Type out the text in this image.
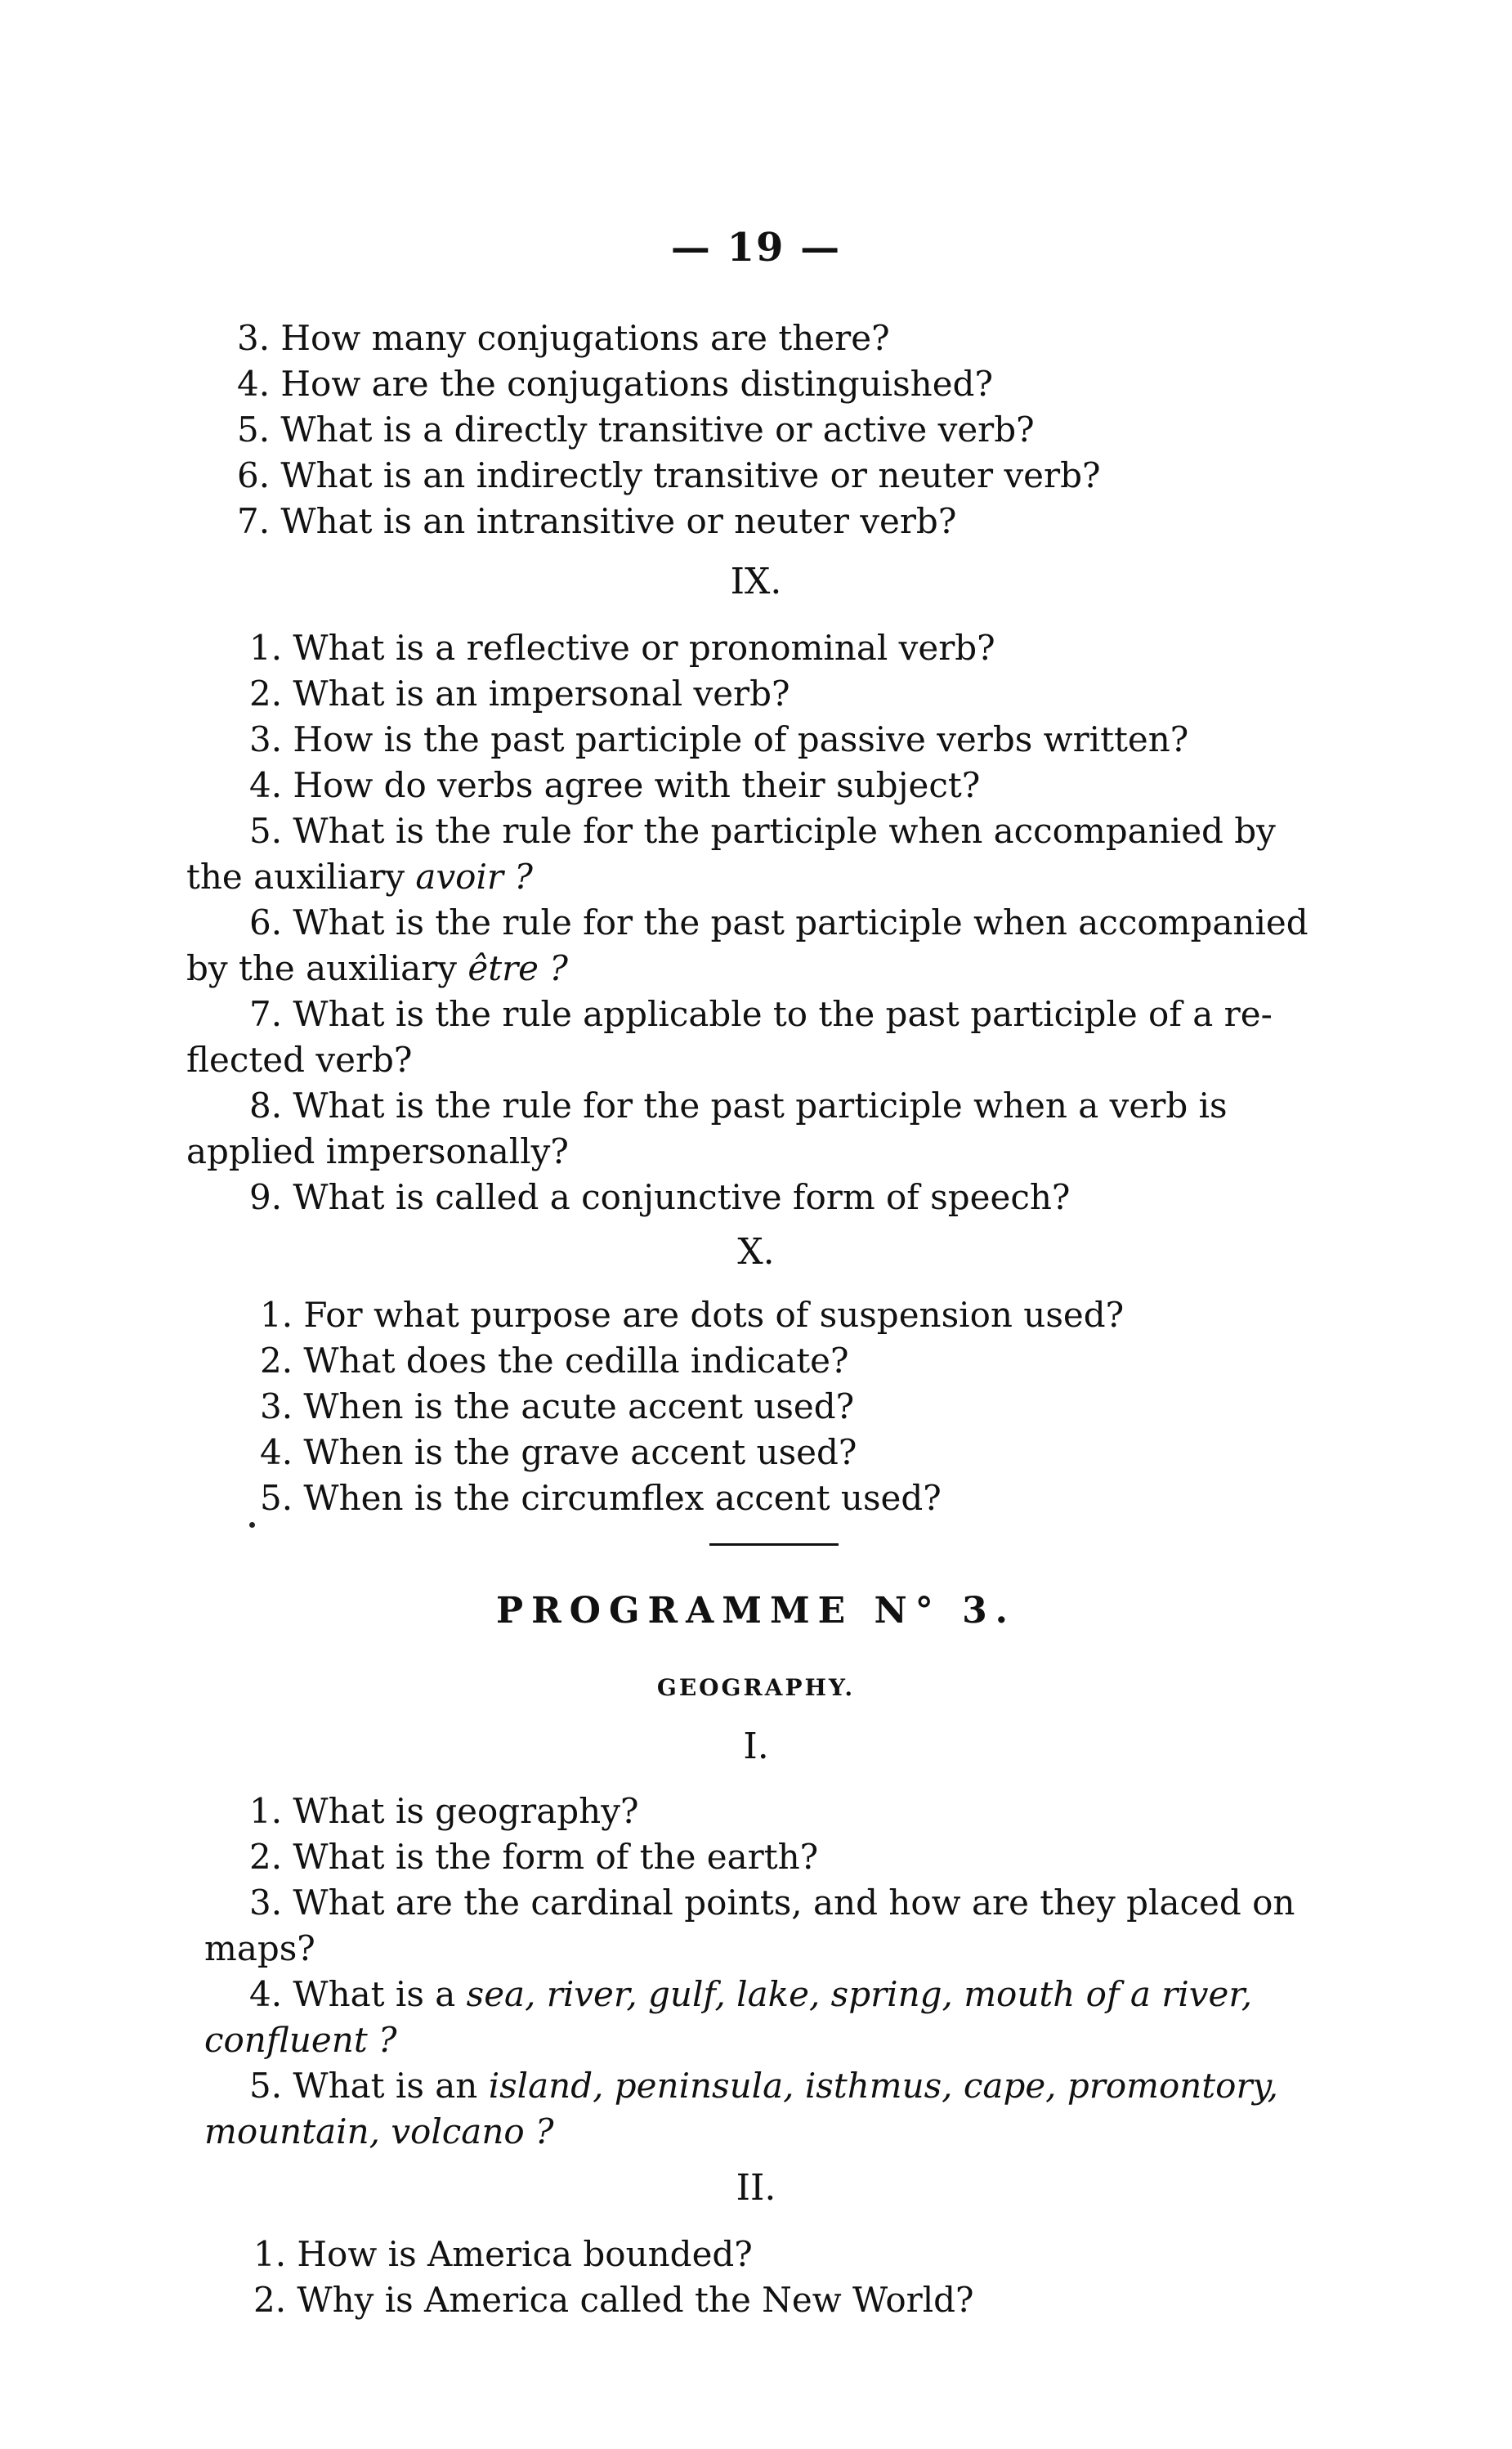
— 19 —
3. How many conjugations are there?
4. How are the conjugations distinguished?
5. What is a directly transitive or active verb?
6. What is an indirectly transitive or neuter verb?
7. What is an intransitive or neuter verb?
IX.
1. What is a reflective or pronominal verb?
2. What is an impersonal verb?
3. How is the past participle of passive verbs written?
4. How do verbs agree with their subject?
5. What is the rule for the participle when accompanied by
the auxiliary avoir ?
6. What is the rule for the past participle when accompanied
by the auxiliary être ?
7. What is the rule applicable to the past participle of a re-
flected verb?
8. What is the rule for the past participle when a verb is
applied impersonally?
9. What is called a conjunctive form of speech?
X.
1. For what purpose are dots of suspension used?
2. What does the cedilla indicate?
3. When is the acute accent used?
4. When is the grave accent used?
5. When is the circumflex accent used?
PROGRAMME N° 3.
GEOGRAPHY.
I.
1. What is geography?
2. What is the form of the earth?
3. What are the cardinal points, and how are they placed on
maps?
4. What is a sea, river, gulf, lake, spring, mouth of a river,
confluent ?
5. What is an island, peninsula, isthmus, cape, promontory,
mountain, volcano ?
II.
1. How is America bounded?
2. Why is America called the New World?
